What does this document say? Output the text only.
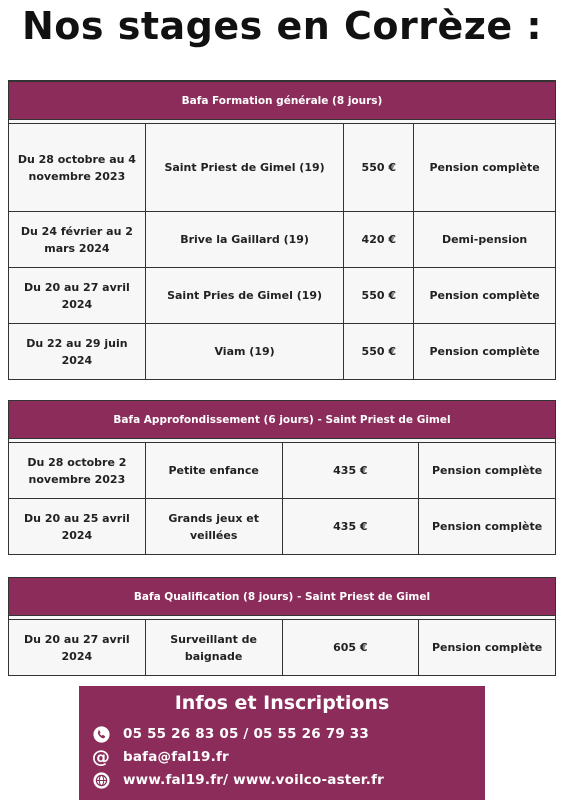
Nos stages en Corrèze :

Bafa Formation générale (8 jours)			

Du 28 octobre au 4 novembre 2023	Saint Priest de Gimel (19)	550 €	Pension complète
Du 24 février au 2 mars 2024	Brive la Gaillard (19)	420 €	Demi-pension
Du 20 au 27 avril 2024	Saint Pries de Gimel (19)	550 €	Pension complète
Du 22 au 29 juin 2024	Viam (19)	550 €	Pension complète
Bafa Approfondissement (6 jours) - Saint Priest de Gimel			

Du 28 octobre 2 novembre 2023	Petite enfance	435 €	Pension complète
Du 20 au 25 avril 2024	Grands jeux et veillées	435 €	Pension complète
Bafa Qualification (8 jours) - Saint Priest de Gimel

Du 20 au 27 avril 2024	Surveillant de baignade	605 €	Pension complète
Infos et Inscriptions
05 55 26 83 05 / 05 55 26 79 33
@ bafa@fal19.fr
www.fal19.fr/ www.voilco-aster.fr
